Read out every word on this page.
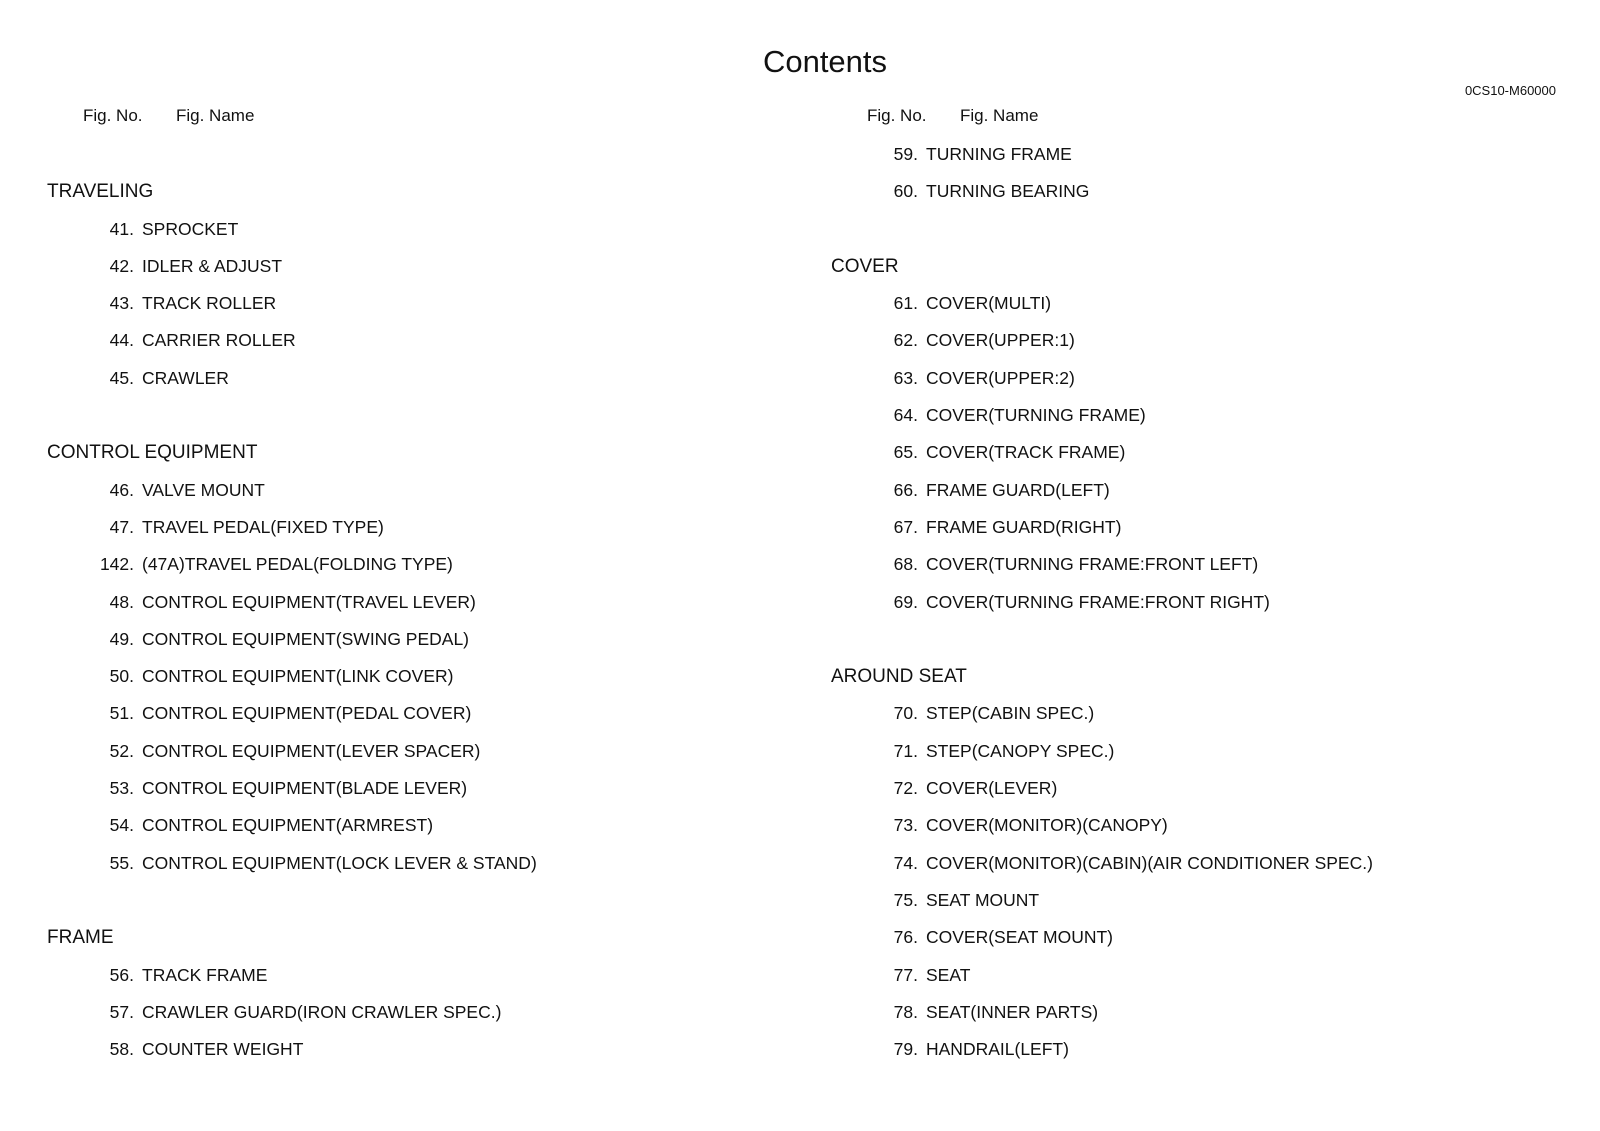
Contents
0CS10-M60000
Fig. No. Fig. Name
TRAVELING
41. SPROCKET
42. IDLER & ADJUST
43. TRACK ROLLER
44. CARRIER ROLLER
45. CRAWLER
CONTROL EQUIPMENT
46. VALVE MOUNT
47. TRAVEL PEDAL(FIXED TYPE)
142. (47A)TRAVEL PEDAL(FOLDING TYPE)
48. CONTROL EQUIPMENT(TRAVEL LEVER)
49. CONTROL EQUIPMENT(SWING PEDAL)
50. CONTROL EQUIPMENT(LINK COVER)
51. CONTROL EQUIPMENT(PEDAL COVER)
52. CONTROL EQUIPMENT(LEVER SPACER)
53. CONTROL EQUIPMENT(BLADE LEVER)
54. CONTROL EQUIPMENT(ARMREST)
55. CONTROL EQUIPMENT(LOCK LEVER & STAND)
FRAME
56. TRACK FRAME
57. CRAWLER GUARD(IRON CRAWLER SPEC.)
58. COUNTER WEIGHT
Fig. No. Fig. Name
59. TURNING FRAME
60. TURNING BEARING
COVER
61. COVER(MULTI)
62. COVER(UPPER:1)
63. COVER(UPPER:2)
64. COVER(TURNING FRAME)
65. COVER(TRACK FRAME)
66. FRAME GUARD(LEFT)
67. FRAME GUARD(RIGHT)
68. COVER(TURNING FRAME:FRONT LEFT)
69. COVER(TURNING FRAME:FRONT RIGHT)
AROUND SEAT
70. STEP(CABIN SPEC.)
71. STEP(CANOPY SPEC.)
72. COVER(LEVER)
73. COVER(MONITOR)(CANOPY)
74. COVER(MONITOR)(CABIN)(AIR CONDITIONER SPEC.)
75. SEAT MOUNT
76. COVER(SEAT MOUNT)
77. SEAT
78. SEAT(INNER PARTS)
79. HANDRAIL(LEFT)
